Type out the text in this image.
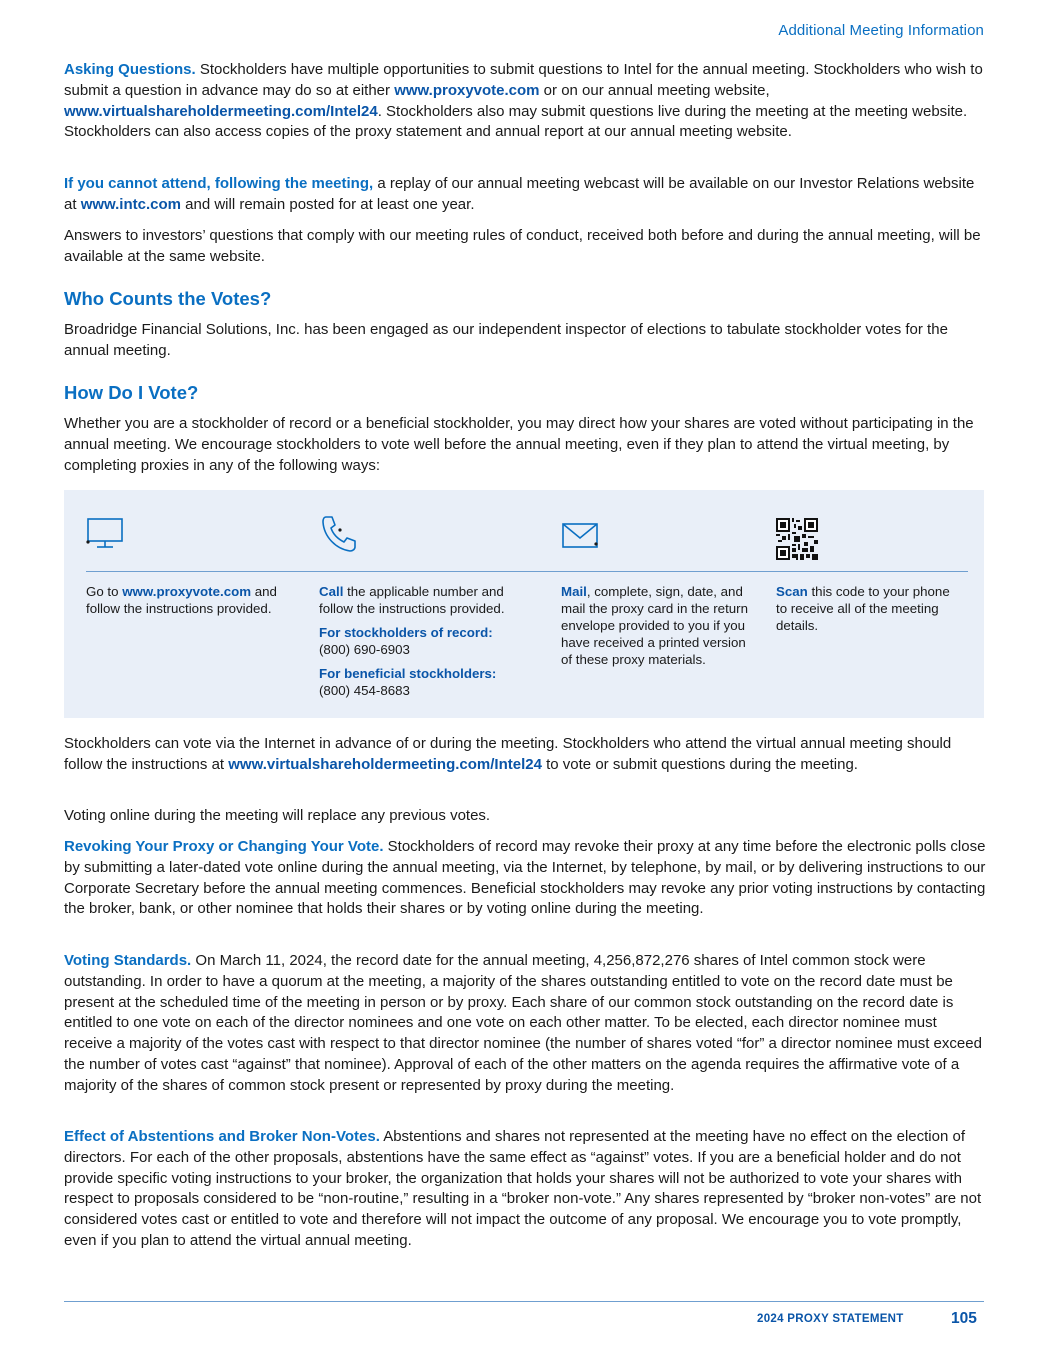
Additional Meeting Information

Asking Questions. Stockholders have multiple opportunities to submit questions to Intel for the annual meeting. Stockholders who wish to submit a question in advance may do so at either www.proxyvote.com or on our annual meeting website, www.virtualshareholdermeeting.com/Intel24. Stockholders also may submit questions live during the meeting at the meeting website. Stockholders can also access copies of the proxy statement and annual report at our annual meeting website.

If you cannot attend, following the meeting, a replay of our annual meeting webcast will be available on our Investor Relations website at www.intc.com and will remain posted for at least one year.

Answers to investors’ questions that comply with our meeting rules of conduct, received both before and during the annual meeting, will be available at the same website.

Who Counts the Votes?

Broadridge Financial Solutions, Inc. has been engaged as our independent inspector of elections to tabulate stockholder votes for the annual meeting.

How Do I Vote?

Whether you are a stockholder of record or a beneficial stockholder, you may direct how your shares are voted without participating in the annual meeting. We encourage stockholders to vote well before the annual meeting, even if they plan to attend the virtual meeting, by completing proxies in any of the following ways:

Go to www.proxyvote.com and follow the instructions provided.

Call the applicable number and follow the instructions provided.

For stockholders of record:
(800) 690-6903

For beneficial stockholders:
(800) 454-8683

Mail, complete, sign, date, and mail the proxy card in the return envelope provided to you if you have received a printed version of these proxy materials.

Scan this code to your phone to receive all of the meeting details.

Stockholders can vote via the Internet in advance of or during the meeting. Stockholders who attend the virtual annual meeting should follow the instructions at www.virtualshareholdermeeting.com/Intel24 to vote or submit questions during the meeting.

Voting online during the meeting will replace any previous votes.

Revoking Your Proxy or Changing Your Vote. Stockholders of record may revoke their proxy at any time before the electronic polls close by submitting a later-dated vote online during the annual meeting, via the Internet, by telephone, by mail, or by delivering instructions to our Corporate Secretary before the annual meeting commences. Beneficial stockholders may revoke any prior voting instructions by contacting the broker, bank, or other nominee that holds their shares or by voting online during the meeting.

Voting Standards. On March 11, 2024, the record date for the annual meeting, 4,256,872,276 shares of Intel common stock were outstanding. In order to have a quorum at the meeting, a majority of the shares outstanding entitled to vote on the record date must be present at the scheduled time of the meeting in person or by proxy. Each share of our common stock outstanding on the record date is entitled to one vote on each of the director nominees and one vote on each other matter. To be elected, each director nominee must receive a majority of the votes cast with respect to that director nominee (the number of shares voted “for” a director nominee must exceed the number of votes cast “against” that nominee). Approval of each of the other matters on the agenda requires the affirmative vote of a majority of the shares of common stock present or represented by proxy during the meeting.

Effect of Abstentions and Broker Non-Votes. Abstentions and shares not represented at the meeting have no effect on the election of directors. For each of the other proposals, abstentions have the same effect as “against” votes. If you are a beneficial holder and do not provide specific voting instructions to your broker, the organization that holds your shares will not be authorized to vote your shares with respect to proposals considered to be “non-routine,” resulting in a “broker non-vote.” Any shares represented by “broker non-votes” are not considered votes cast or entitled to vote and therefore will not impact the outcome of any proposal. We encourage you to vote promptly, even if you plan to attend the virtual annual meeting.

2024 PROXY STATEMENT	105
